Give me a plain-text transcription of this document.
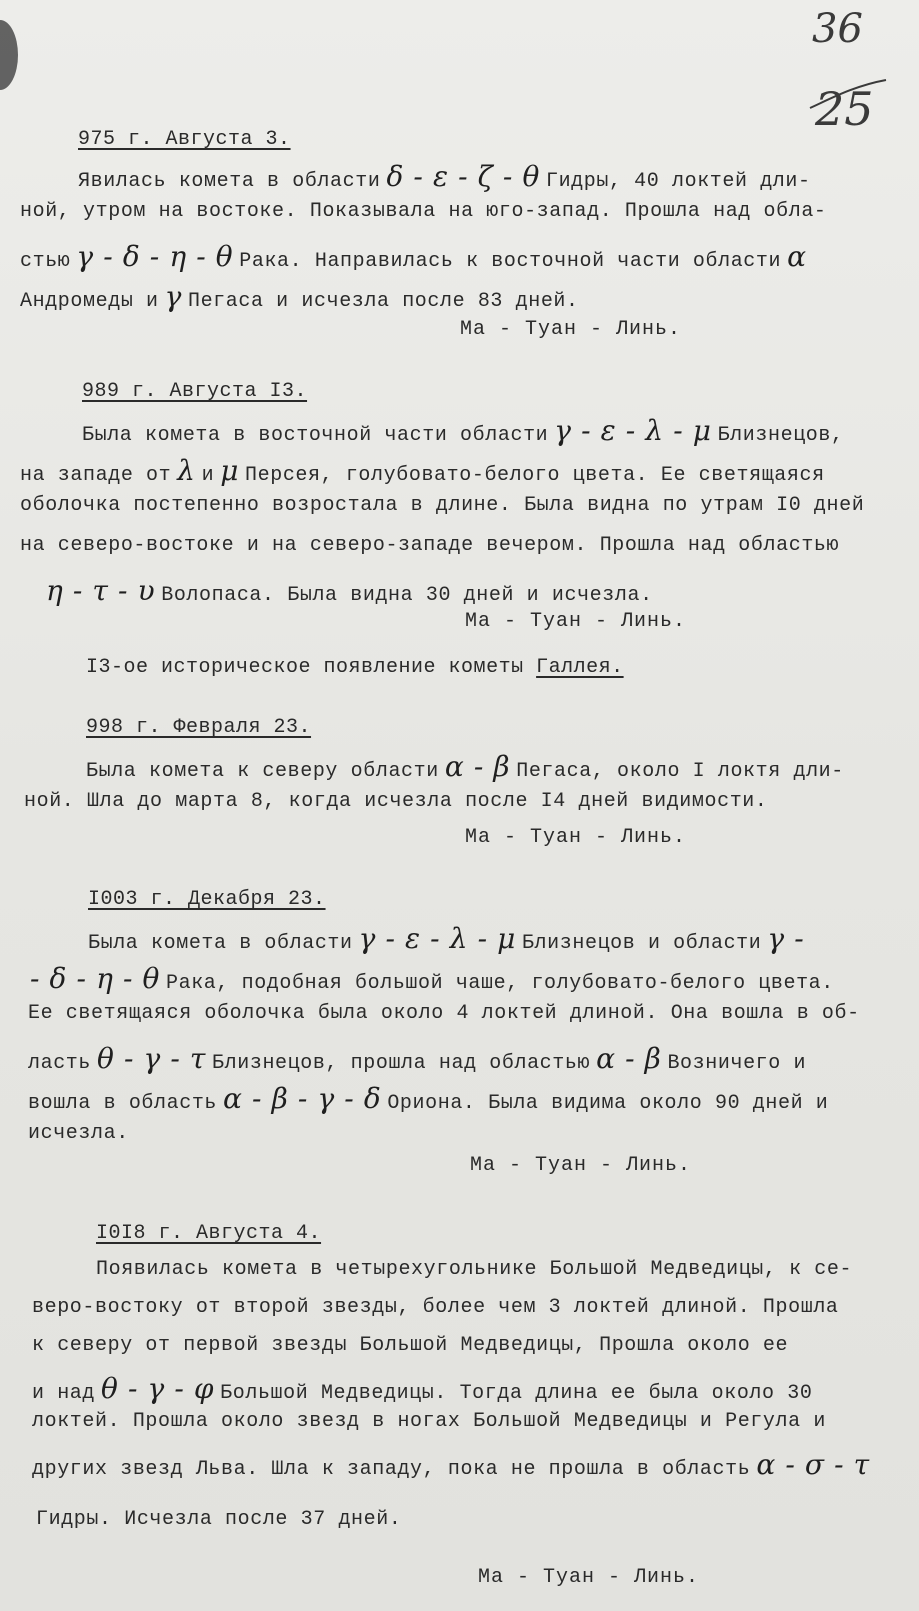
36
25
975 г. Августа 3.
Явилась комета в области δ - ε - ζ - θ Гидры, 40 локтей дли-
ной, утром на востоке. Показывала на юго-запад. Прошла над обла-
стью γ - δ - η - θ Рака. Направилась к восточной части области α
Андромеды и γ Пегаса и исчезла после 83 дней.
Ма - Туан - Линь.
989 г. Августа I3.
Была комета в восточной части области γ - ε - λ - μ Близнецов,
на западе от λ и μ Персея, голубовато-белого цвета. Ее светящаяся
оболочка постепенно возростала в длине. Была видна по утрам I0 дней
на северо-востоке и на северо-западе вечером. Прошла над областью
η - τ - υ Волопаса. Была видна 30 дней и исчезла.
Ма - Туан - Линь.
I3-ое историческое появление кометы Галлея.
998 г. Февраля 23.
Была комета к северу области α - β Пегаса, около I локтя дли-
ной. Шла до марта 8, когда исчезла после I4 дней видимости.
Ма - Туан - Линь.
I003 г. Декабря 23.
Была комета в области γ - ε - λ - μ Близнецов и области γ -
- δ - η - θ Рака, подобная большой чаше, голубовато-белого цвета.
Ее светящаяся оболочка была около 4 локтей длиной. Она вошла в об-
ласть θ - γ - τ Близнецов, прошла над областью α - β Возничего и
вошла в область α - β - γ - δ Ориона. Была видима около 90 дней и
исчезла.
Ма - Туан - Линь.
I0I8 г. Августа 4.
Появилась комета в четырехугольнике Большой Медведицы, к се-
веро-востоку от второй звезды, более чем 3 локтей длиной. Прошла
к северу от первой звезды Большой Медведицы, Прошла около ее
и над θ - γ - φ Большой Медведицы. Тогда длина ее была около 30
локтей. Прошла около звезд в ногах Большой Медведицы и Регула и
других звезд Льва. Шла к западу, пока не прошла в область α - σ - τ
Гидры. Исчезла после 37 дней.
Ма - Туан - Линь.
